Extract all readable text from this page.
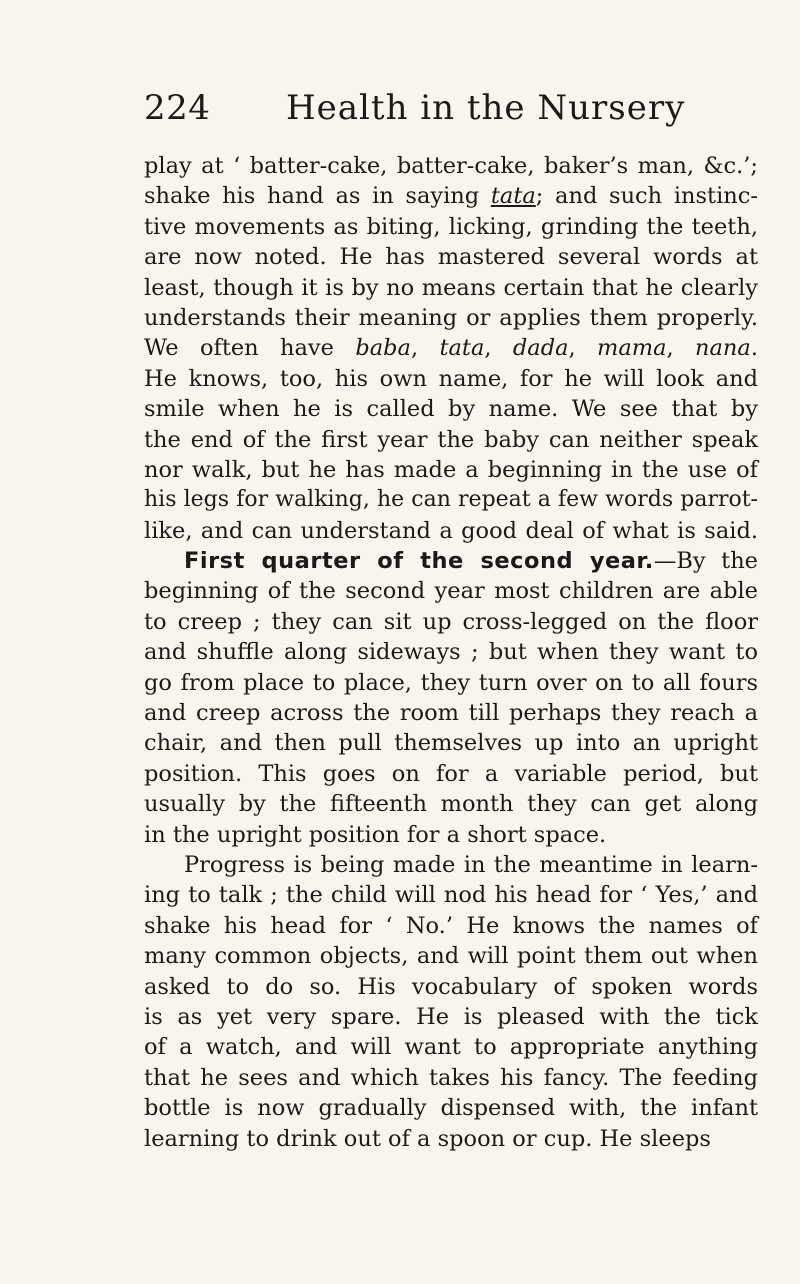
224 Health in the Nursery
play at ‘ batter-cake, batter-cake, baker’s man, &c.’;
shake his hand as in saying tata; and such instinc-
tive movements as biting, licking, grinding the teeth,
are now noted. He has mastered several words at
least, though it is by no means certain that he clearly
understands their meaning or applies them properly.
We often have baba, tata, dada, mama, nana.
He knows, too, his own name, for he will look and
smile when he is called by name. We see that by
the end of the first year the baby can neither speak
nor walk, but he has made a beginning in the use of
his legs for walking, he can repeat a few words parrot-
like, and can understand a good deal of what is said.
First quarter of the second year.—By the
beginning of the second year most children are able
to creep ; they can sit up cross-legged on the floor
and shuffle along sideways ; but when they want to
go from place to place, they turn over on to all fours
and creep across the room till perhaps they reach a
chair, and then pull themselves up into an upright
position. This goes on for a variable period, but
usually by the fifteenth month they can get along
in the upright position for a short space.
Progress is being made in the meantime in learn-
ing to talk ; the child will nod his head for ‘ Yes,’ and
shake his head for ‘ No.’ He knows the names of
many common objects, and will point them out when
asked to do so. His vocabulary of spoken words
is as yet very spare. He is pleased with the tick
of a watch, and will want to appropriate anything
that he sees and which takes his fancy. The feeding
bottle is now gradually dispensed with, the infant
learning to drink out of a spoon or cup. He sleeps
